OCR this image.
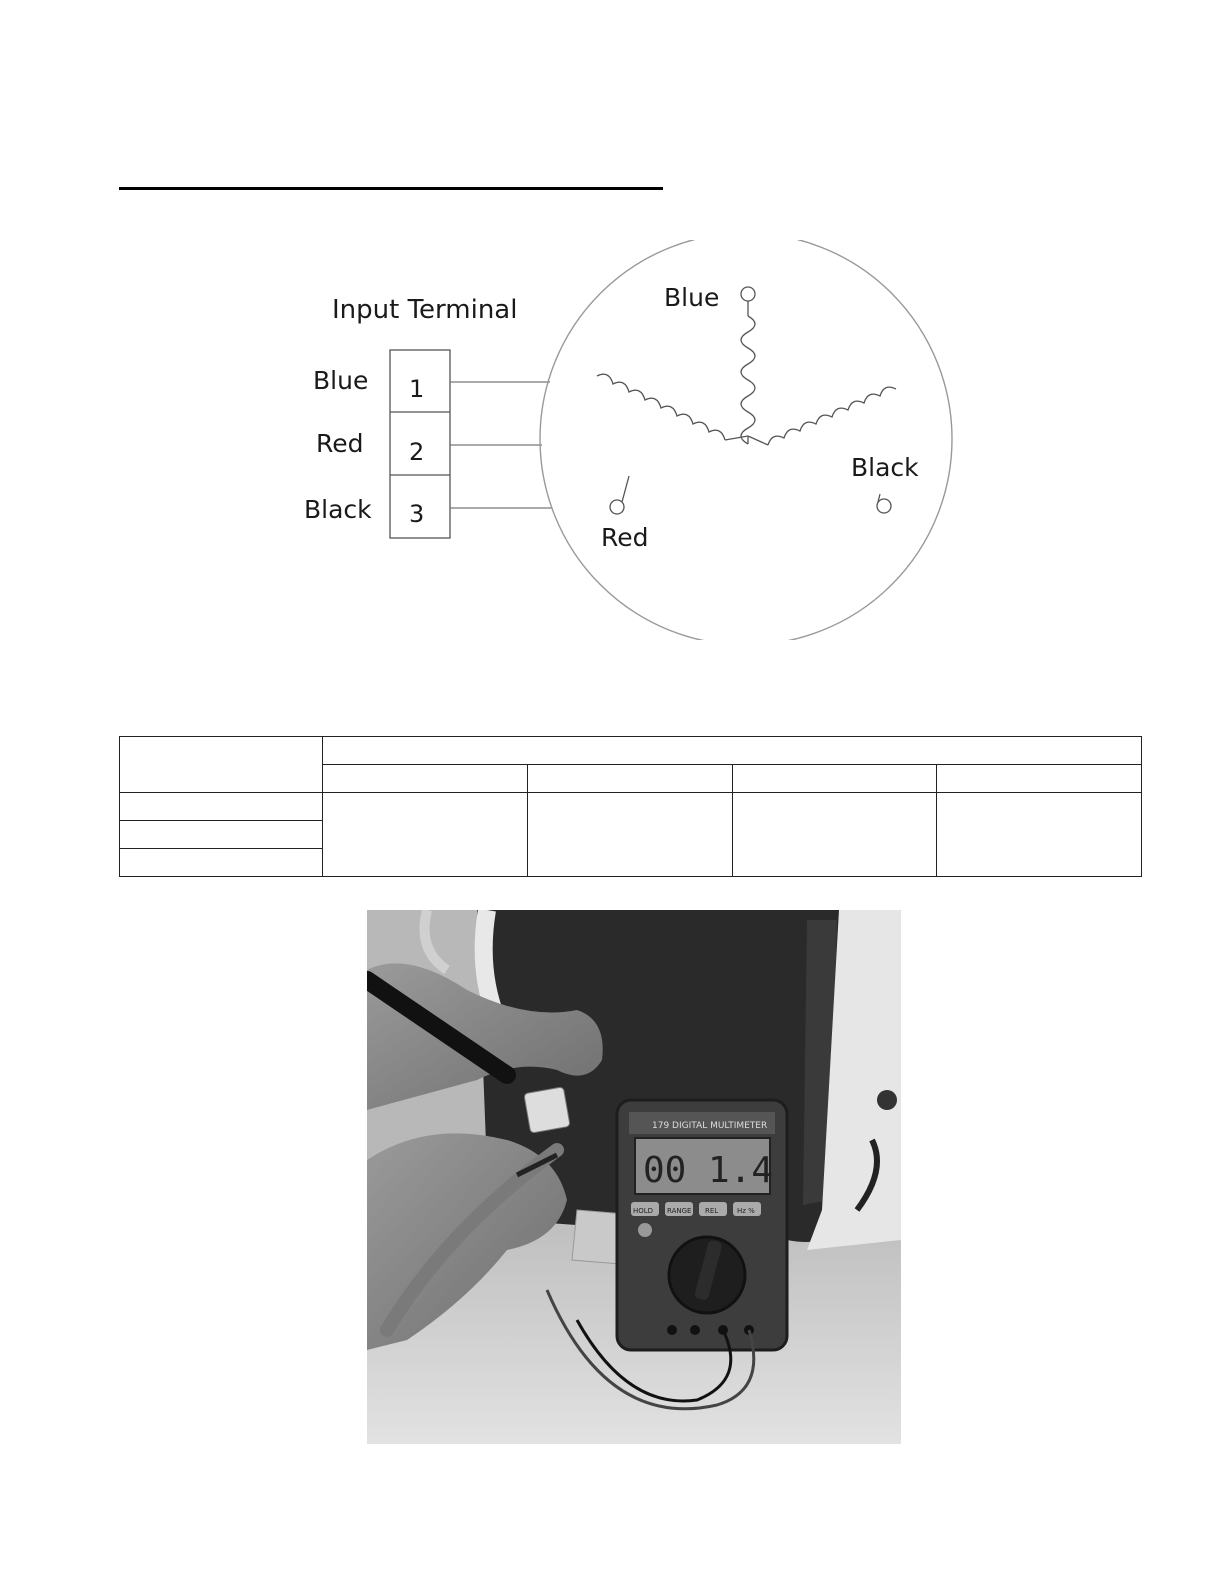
Input Terminal
Blue
Red
Black
1
2
3
Blue
Black
Red

179 DIGITAL MULTIMETER
00 1.4
HOLD RANGE REL	Hz %
